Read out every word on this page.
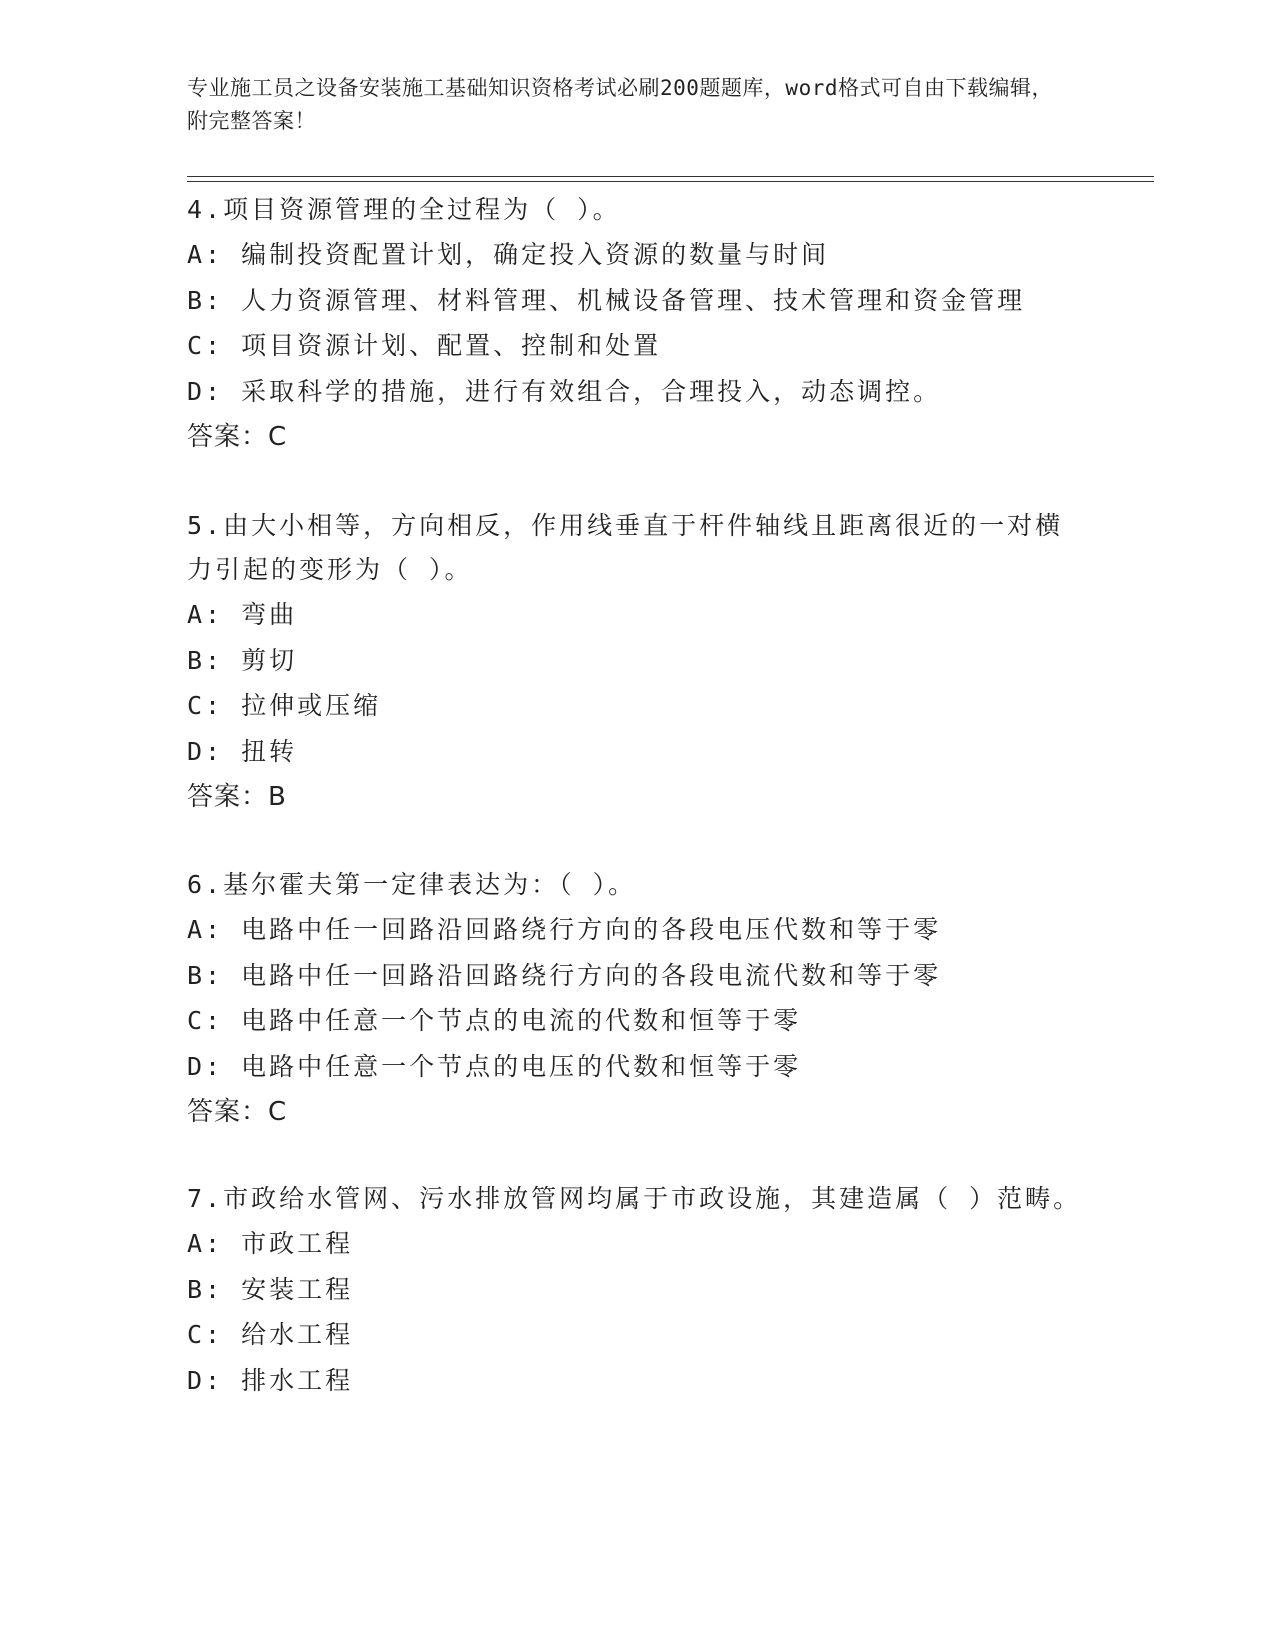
专业施工员之设备安装施工基础知识资格考试必刷200题题库，word格式可自由下载编辑，附完整答案！
4.项目资源管理的全过程为（ ）。
A: 编制投资配置计划，确定投入资源的数量与时间
B: 人力资源管理、材料管理、机械设备管理、技术管理和资金管理
C: 项目资源计划、配置、控制和处置
D: 采取科学的措施，进行有效组合，合理投入，动态调控。
答案：C
5.由大小相等，方向相反，作用线垂直于杆件轴线且距离很近的一对横力引起的变形为（ ）。
A: 弯曲
B: 剪切
C: 拉伸或压缩
D: 扭转
答案：B
6.基尔霍夫第一定律表达为：（ ）。
A: 电路中任一回路沿回路绕行方向的各段电压代数和等于零
B: 电路中任一回路沿回路绕行方向的各段电流代数和等于零
C: 电路中任意一个节点的电流的代数和恒等于零
D: 电路中任意一个节点的电压的代数和恒等于零
答案：C
7.市政给水管网、污水排放管网均属于市政设施，其建造属（ ）范畴。
A: 市政工程
B: 安装工程
C: 给水工程
D: 排水工程
